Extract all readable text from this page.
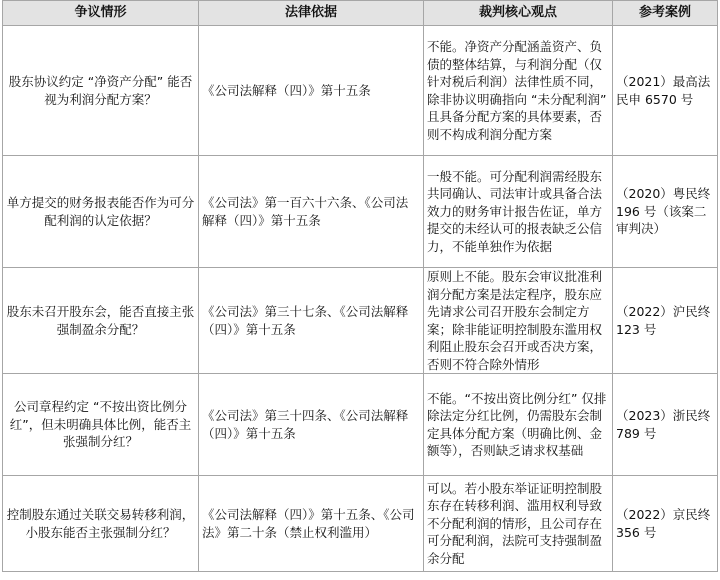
争议情形	法律依据	裁判核心观点	参考案例
股东协议约定 “净资产分配” 能否视为利润分配方案？	《公司法解释（四）》第十五条	不能。净资产分配涵盖资产、负债的整体结算，与利润分配（仅针对税后利润）法律性质不同，除非协议明确指向 “未分配利润” 且具备分配方案的具体要素，否则不构成利润分配方案	（2021）最高法民申 6570 号
单方提交的财务报表能否作为可分配利润的认定依据？	《公司法》第一百六十六条、《公司法解释（四）》第十五条	一般不能。可分配利润需经股东共同确认、司法审计或具备合法效力的财务审计报告佐证，单方提交的未经认可的报表缺乏公信力，不能单独作为依据	（2020）粤民终 196 号（该案二审判决）
股东未召开股东会，能否直接主张强制盈余分配？	《公司法》第三十七条、《公司法解释（四）》第十五条	原则上不能。股东会审议批准利润分配方案是法定程序，股东应先请求公司召开股东会制定方案；除非能证明控制股东滥用权利阻止股东会召开或否决方案，否则不符合除外情形	（2022）沪民终 123 号
公司章程约定 “不按出资比例分红”，但未明确具体比例，能否主张强制分红？	《公司法》第三十四条、《公司法解释（四）》第十五条	不能。“不按出资比例分红” 仅排除法定分红比例，仍需股东会制定具体分配方案（明确比例、金额等），否则缺乏请求权基础	（2023）浙民终 789 号
控制股东通过关联交易转移利润，小股东能否主张强制分红？	《公司法解释（四）》第十五条、《公司法》第二十条（禁止权利滥用）	可以。若小股东举证证明控制股东存在转移利润、滥用权利导致不分配利润的情形，且公司存在可分配利润，法院可支持强制盈余分配	（2022）京民终 356 号
